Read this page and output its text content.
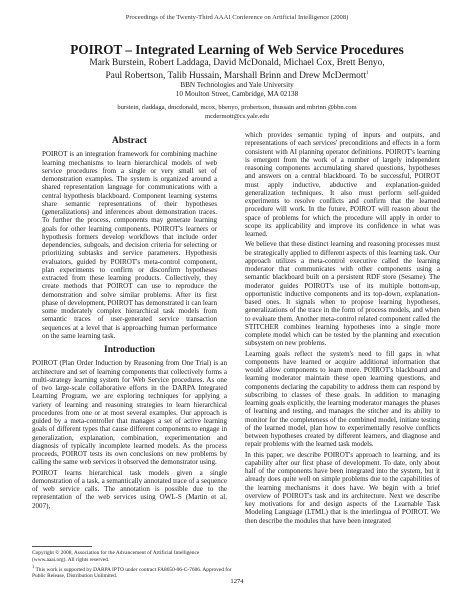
Proceedings of the Twenty-Third AAAI Conference on Artificial Intelligence (2008)
POIROT – Integrated Learning of Web Service Procedures
Mark Burstein, Robert Laddaga, David McDonald, Michael Cox, Brett Benyo,
Paul Robertson, Talib Hussain, Marshall Brinn and Drew McDermott$^1$
BBN Technologies and Yale University
10 Moulton Street, Cambridge, MA 02138
burstein, rladdaga, dmcdonald, mcox, bbenyo, probertson, thussain and mbrinn @bbn.com
mcdermott@cs.yale.edu
Abstract

POIROT is an integration framework for combining machine learning mechanisms to learn hierarchical models of web service procedures from a single or very small set of demonstration examples. The system is organized around a shared representation language for communications with a central hypothesis blackboard. Component learning systems share semantic representations of their hypotheses (generalizations) and inferences about demonstration traces. To further the process, components may generate learning goals for other learning components. POIROT's learners or hypothesis formers develop workflows that include order dependencies, subgoals, and decision criteria for selecting or prioritizing subtasks and service parameters. Hypothesis evaluators, guided by POIROT's meta-control component, plan experiments to confirm or disconfirm hypotheses extracted from these learning products. Collectively, they create methods that POIROT can use to reproduce the demonstration and solve similar problems. After its first phase of development, POIROT has demonstrated it can learn some moderately complex hierarchical task models from semantic traces of user-generated service transaction sequences at a level that is approaching human performance on the same learning task.

Introduction

POIROT (Plan Order Induction by Reasoning from One Trial) is an architecture and set of learning components that collectively forms a multi-strategy learning system for Web Service procedures. As one of two large-scale collaborative efforts in the DARPA Integrated Learning Program, we are exploring techniques for applying a variety of learning and reasoning strategies to learn hierarchical procedures from one or at most several examples. Our approach is guided by a meta-controller that manages a set of active learning goals of different types that cause different components to engage in generalization, explanation, combination, experimentation and diagnosis of typically incomplete learned models. As the process proceeds, POIROT tests its own conclusions on new problems by calling the same web services it observed the demonstrator using.

POIROT learns hierarchical task models given a single demonstration of a task, a semantically annotated trace of a sequence of web service calls. The annotation is possible due to the representation of the web services using OWL-S (Martin et al. 2007),

which provides semantic typing of inputs and outputs, and representations of each services' preconditions and effects in a form consistent with AI planning operator definitions. POIROT's learning is emergent from the work of a number of largely independent reasoning components accumulating shared questions, hypotheses and answers on a central blackboard. To be successful, POIROT must apply inductive, abductive and explanation-guided generalization techniques. It also must perform self-guided experiments to resolve conflicts and confirm that the learned procedure will work. In the future, POIROT will reason about the space of problems for which the procedure will apply in order to scope its applicability and improve its confidence in what was learned.

We believe that these distinct learning and reasoning processes must be strategically applied to different aspects of this learning task. Our approach utilizes a meta-control executive called the learning moderator that communicates with other components using a semantic blackboard built on a persistent RDF store (Sesame). The moderator guides POIROT's use of its multiple bottom-up, opportunistic inductive components and its top-down, explanation-based ones. It signals when to propose learning hypotheses, generalizations of the trace in the form of process models, and when to evaluate them. Another meta-control related component called the STITCHER combines learning hypotheses into a single more complete model which can be tested by the planning and execution subsystem on new problems.

Learning goals reflect the system's need to fill gaps in what components have learned or acquire additional information that would allow components to learn more. POIROT's blackboard and learning moderator maintain these open learning questions, and components declaring the capability to address them can respond by subscribing to classes of these goals. In addition to managing learning goals explicitly, the learning moderator manages the phases of learning and testing, and manages the stitcher and its ability to monitor for the completeness of the combined model, initiate testing of the learned model, plan how to experimentally resolve conflicts between hypotheses created by different learners, and diagnose and repair problems with the learned task models.

In this paper, we describe POIROT's approach to learning, and its capability after our first phase of development. To date, only about half of the components have been integrated into the system, but it already does quite well on simple problems due to the capabilities of the learning mechanisms it does have. We begin with a brief overview of POIROT's task and its architecture. Next we describe key motivations for and design aspects of the Learnable Task Modeling Language (LTML) that is the interlingua of POIROT. We then describe the modules that have been integrated

Copyright © 2008, Association for the Advancement of Artificial Intelligence (www.aaai.org). All rights reserved.
$^1$ This work is supported by DARPA IPTO under contract FA8650-06-C-7606. Approved for Public Release, Distribution Unlimited.
1274
